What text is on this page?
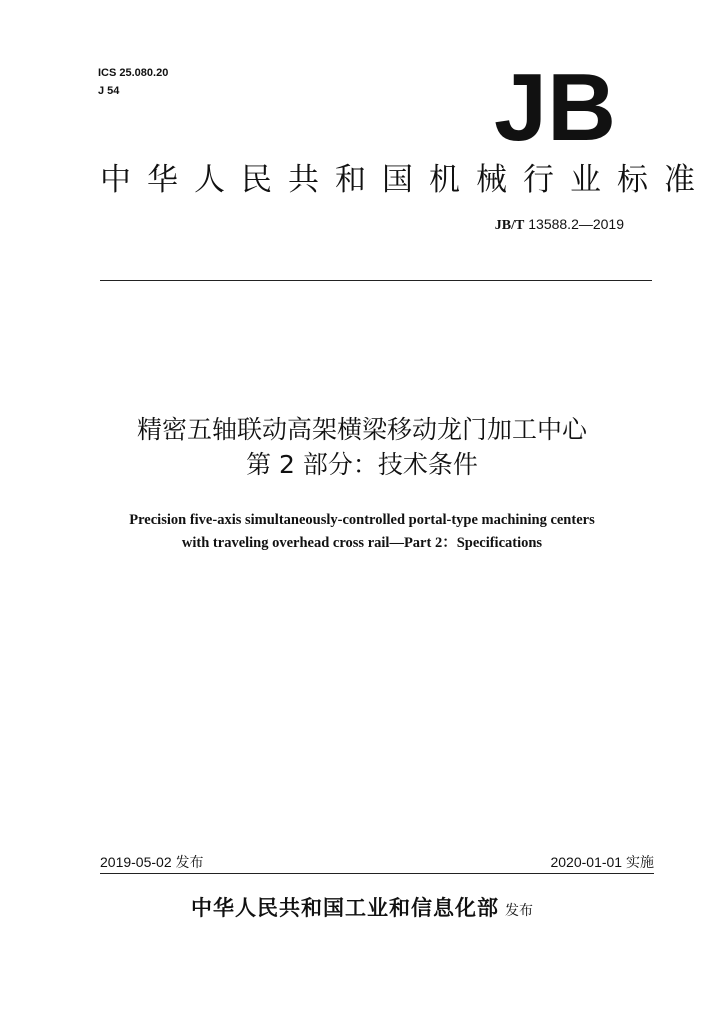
ICS 25.080.20
J 54	JB
中华人民共和国机械行业标准
JB/T 13588.2—2019
精密五轴联动高架横梁移动龙门加工中心
第 2 部分：技术条件
Precision five-axis simultaneously-controlled portal-type machining centers
with traveling overhead cross rail—Part 2：Specifications
2019-05-02 发布	2020-01-01 实施
中华人民共和国工业和信息化部 发布
